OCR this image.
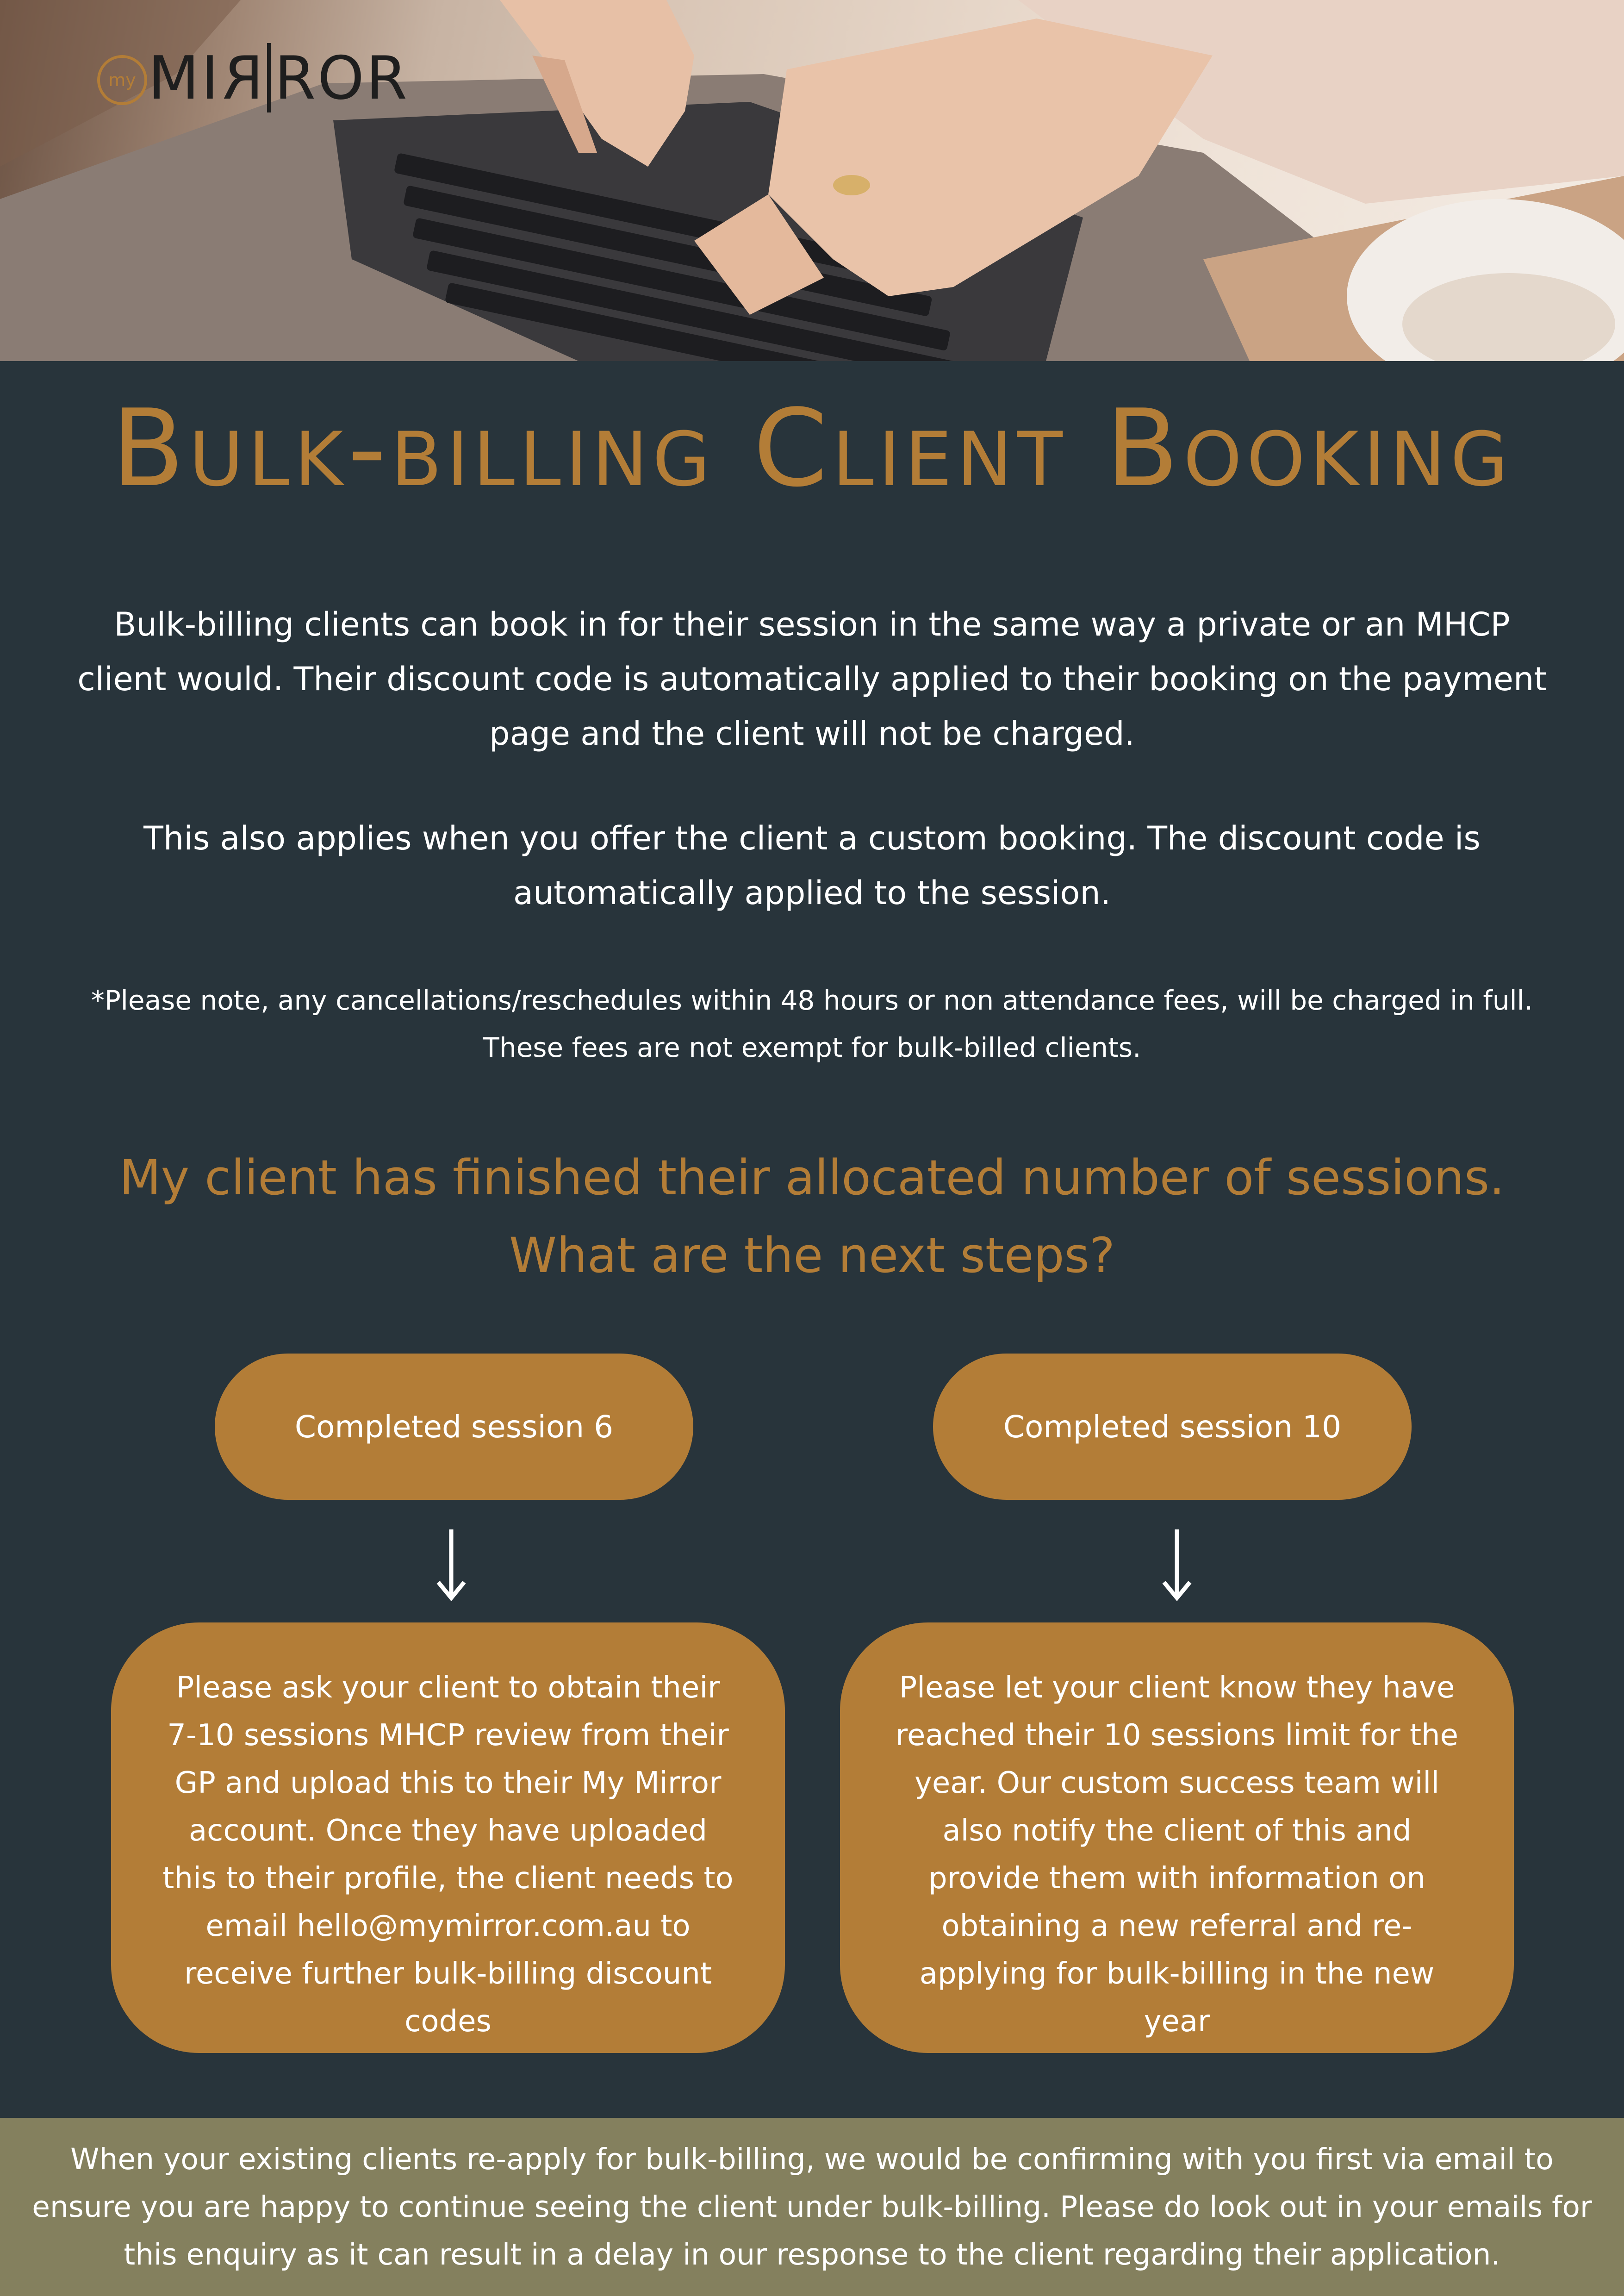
my MIR ROR
Bulk-billing Client Booking

Bulk-billing clients can book in for their session in the same way a private or an MHCP client would. Their discount code is automatically applied to their booking on the payment page and the client will not be charged.

This also applies when you offer the client a custom booking. The discount code is automatically applied to the session.

*Please note, any cancellations/reschedules within 48 hours or non attendance fees, will be charged in full. These fees are not exempt for bulk-billed clients.

My client has finished their allocated number of sessions.
What are the next steps?
Completed session 6
Please ask your client to obtain their 7-10 sessions MHCP review from their GP and upload this to their My Mirror account. Once they have uploaded this to their profile, the client needs to email hello@mymirror.com.au to receive further bulk-billing discount codes
Completed session 10
Please let your client know they have reached their 10 sessions limit for the year. Our custom success team will also notify the client of this and provide them with information on obtaining a new referral and re-applying for bulk-billing in the new year
When your existing clients re-apply for bulk-billing, we would be confirming with you first via email to ensure you are happy to continue seeing the client under bulk-billing. Please do look out in your emails for this enquiry as it can result in a delay in our response to the client regarding their application.
